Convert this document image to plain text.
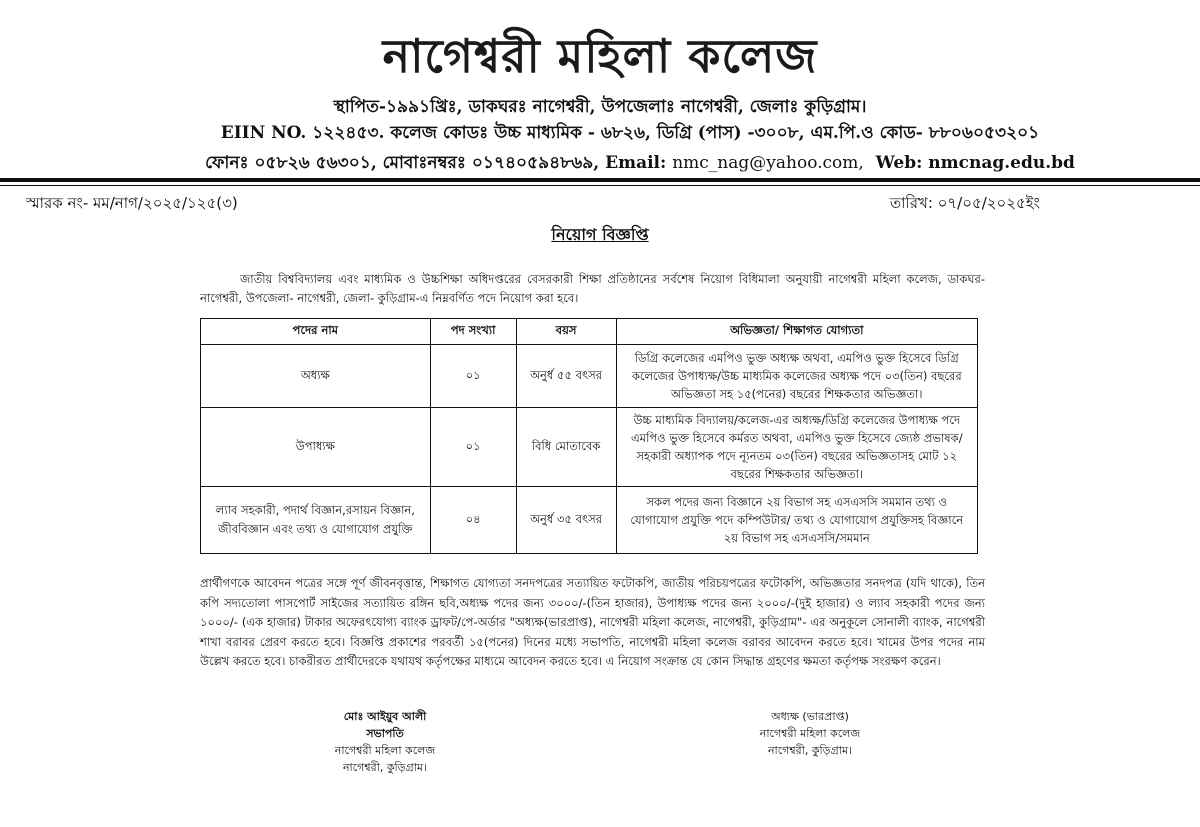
নাগেশ্বরী মহিলা কলেজ
স্থাপিত-১৯৯১খ্রিঃ, ডাকঘরঃ নাগেশ্বরী, উপজেলাঃ নাগেশ্বরী, জেলাঃ কুড়িগ্রাম।
EIIN NO. ১২২৪৫৩. কলেজ কোডঃ উচ্চ মাধ্যমিক - ৬৮২৬, ডিগ্রি (পাস) -৩০০৮, এম.পি.ও কোড- ৮৮০৬০৫৩২০১
ফোনঃ ০৫৮২৬ ৫৬৩০১, মোবাঃনম্বরঃ ০১৭৪০৫৯৪৮৬৯, Email: nmc_nag@yahoo.com, Web: nmcnag.edu.bd
স্মারক নং- মম/নাগ/২০২৫/১২৫(৩)	তারিখ: ০৭/০৫/২০২৫ইং
নিয়োগ বিজ্ঞপ্তি
জাতীয় বিশ্ববিদ্যালয় এবং মাধ্যমিক ও উচ্চশিক্ষা অধিদপ্তরের বেসরকারী শিক্ষা প্রতিষ্ঠানের সর্বশেষ নিয়োগ বিধিমালা অনুযায়ী নাগেশ্বরী মহিলা কলেজ, ডাকঘর- নাগেশ্বরী, উপজেলা- নাগেশ্বরী, জেলা- কুড়িগ্রাম-এ নিম্নবর্ণিত পদে নিয়োগ করা হবে।
পদের নাম	পদ সংখ্যা	বয়স	অভিজ্ঞতা/ শিক্ষাগত যোগ্যতা
অধ্যক্ষ	০১	অনুর্ধ ৫৫ বৎসর	ডিগ্রি কলেজের এমপিও ভুক্ত অধ্যক্ষ অথবা, এমপিও ভুক্ত হিসেবে ডিগ্রি কলেজের উপাধ্যক্ষ/উচ্চ মাধ্যমিক কলেজের অধ্যক্ষ পদে ০৩(তিন) বছরের অভিজ্ঞতা সহ ১৫(পনের) বছরের শিক্ষকতার অভিজ্ঞতা।
উপাধ্যক্ষ	০১	বিধি মোতাবেক	উচ্চ মাধ্যমিক বিদ্যালয়/কলেজ-এর অধ্যক্ষ/ডিগ্রি কলেজের উপাধ্যক্ষ পদে এমপিও ভুক্ত হিসেবে কর্মরত অথবা, এমপিও ভুক্ত হিসেবে জ্যেষ্ঠ প্রভাষক/সহকারী অধ্যাপক পদে ন্যূনতম ০৩(তিন) বছরের অভিজ্ঞতাসহ মোট ১২ বছরের শিক্ষকতার অভিজ্ঞতা।
ল্যাব সহকারী, পদার্থ বিজ্ঞান,রসায়ন বিজ্ঞান, জীববিজ্ঞান এবং তথ্য ও যোগাযোগ প্রযুক্তি	০৪	অনুর্ধ ৩৫ বৎসর	সকল পদের জন্য বিজ্ঞানে ২য় বিভাগ সহ এসএসসি সমমান তথ্য ও যোগাযোগ প্রযুক্তি পদে কম্পিউটার/ তথ্য ও যোগাযোগ প্রযুক্তিসহ বিজ্ঞানে ২য় বিভাগ সহ এসএসসি/সমমান
প্রার্থীগণকে আবেদন পত্রের সঙ্গে পূর্ণ জীবনবৃত্তান্ত, শিক্ষাগত যোগ্যতা সনদপত্রের সত্যায়িত ফটোকপি, জাতীয় পরিচয়পত্রের ফটোকপি, অভিজ্ঞতার সনদপত্র (যদি থাকে), তিন কপি সদ্যতোলা পাসপোর্ট সাইজের সত্যায়িত রঙ্গিন ছবি,অধ্যক্ষ পদের জন্য ৩০০০/-(তিন হাজার), উপাধ্যক্ষ পদের জন্য ২০০০/-(দুই হাজার) ও ল্যাব সহকারী পদের জন্য ১০০০/- (এক হাজার) টাকার অফেরৎযোগ্য ব্যাংক ড্রাফট/পে-অর্ডার "অধ্যক্ষ(ভারপ্রাপ্ত), নাগেশ্বরী মহিলা কলেজ, নাগেশ্বরী, কুড়িগ্রাম"- এর অনুকূলে সোনালী ব্যাংক, নাগেশ্বরী শাখা বরাবর প্রেরণ করতে হবে। বিজ্ঞপ্তি প্রকাশের পরবর্তী ১৫(পনের) দিনের মধ্যে সভাপতি, নাগেশ্বরী মহিলা কলেজ বরাবর আবেদন করতে হবে। খামের উপর পদের নাম উল্লেখ করতে হবে। চাকরীরত প্রার্থীদেরকে যথাযথ কর্তৃপক্ষের মাধ্যমে আবেদন করতে হবে। এ নিয়োগ সংক্রান্ত যে কোন সিদ্ধান্ত গ্রহণের ক্ষমতা কর্তৃপক্ষ সংরক্ষণ করেন।
মোঃ আইয়ুব আলী
সভাপতি
নাগেশ্বরী মহিলা কলেজ
নাগেশ্বরী, কুড়িগ্রাম।
অধ্যক্ষ (ভারপ্রাপ্ত)
নাগেশ্বরী মহিলা কলেজ
নাগেশ্বরী, কুড়িগ্রাম।
